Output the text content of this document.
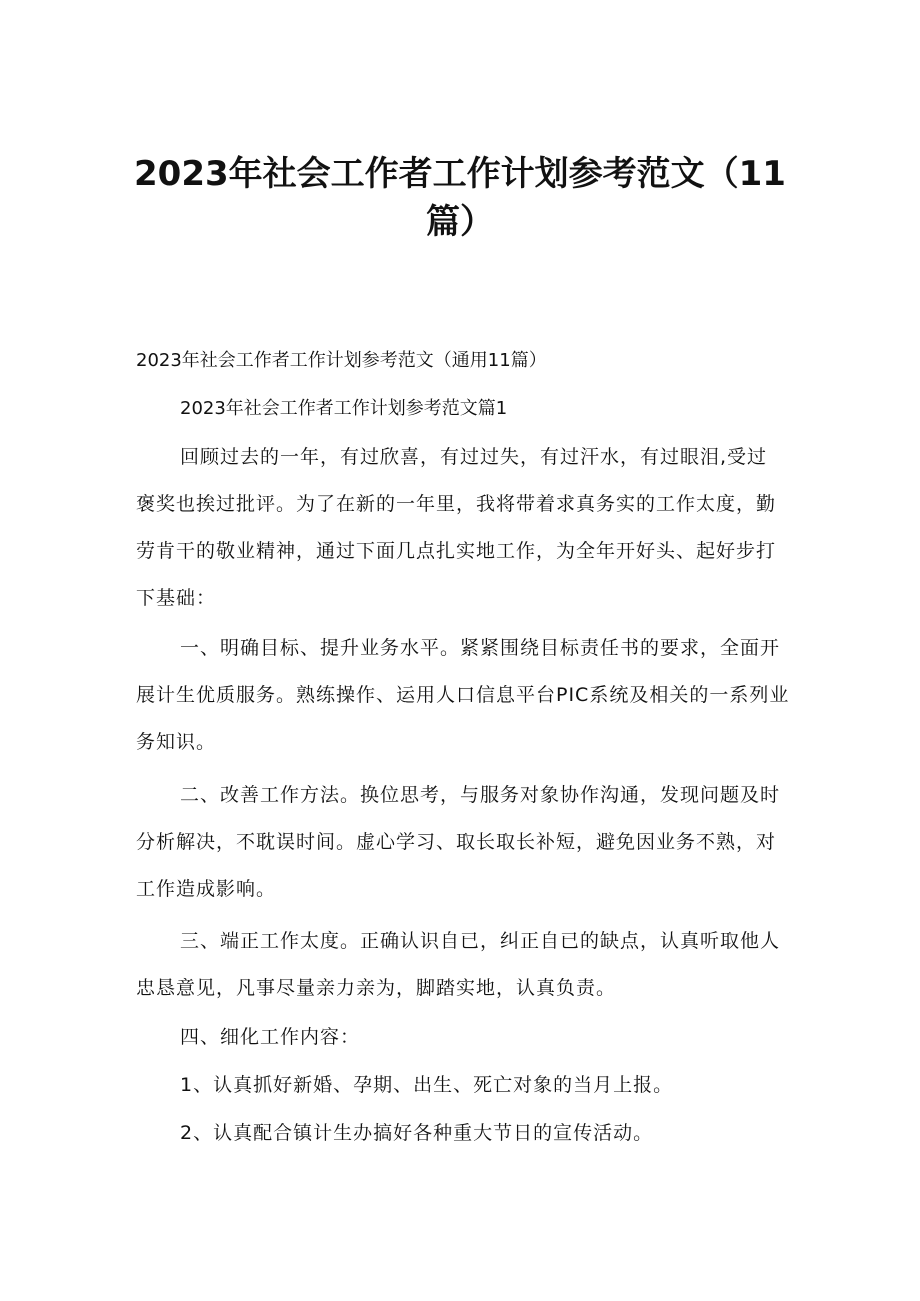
2023年社会工作者工作计划参考范文（11
篇）
2023年社会工作者工作计划参考范文（通用11篇）
2023年社会工作者工作计划参考范文篇1
回顾过去的一年，有过欣喜，有过过失，有过汗水，有过眼泪,受过
褒奖也挨过批评。为了在新的一年里，我将带着求真务实的工作太度，勤
劳肯干的敬业精神，通过下面几点扎实地工作，为全年开好头、起好步打
下基础：
一、明确目标、提升业务水平。紧紧围绕目标责任书的要求，全面开
展计生优质服务。熟练操作、运用人口信息平台PIC系统及相关的一系列业
务知识。
二、改善工作方法。换位思考，与服务对象协作沟通，发现问题及时
分析解决，不耽误时间。虚心学习、取长取长补短，避免因业务不熟，对
工作造成影响。
三、端正工作太度。正确认识自已，纠正自已的缺点，认真听取他人
忠恳意见，凡事尽量亲力亲为，脚踏实地，认真负责。
四、细化工作内容：
1、认真抓好新婚、孕期、出生、死亡对象的当月上报。
2、认真配合镇计生办搞好各种重大节日的宣传活动。
